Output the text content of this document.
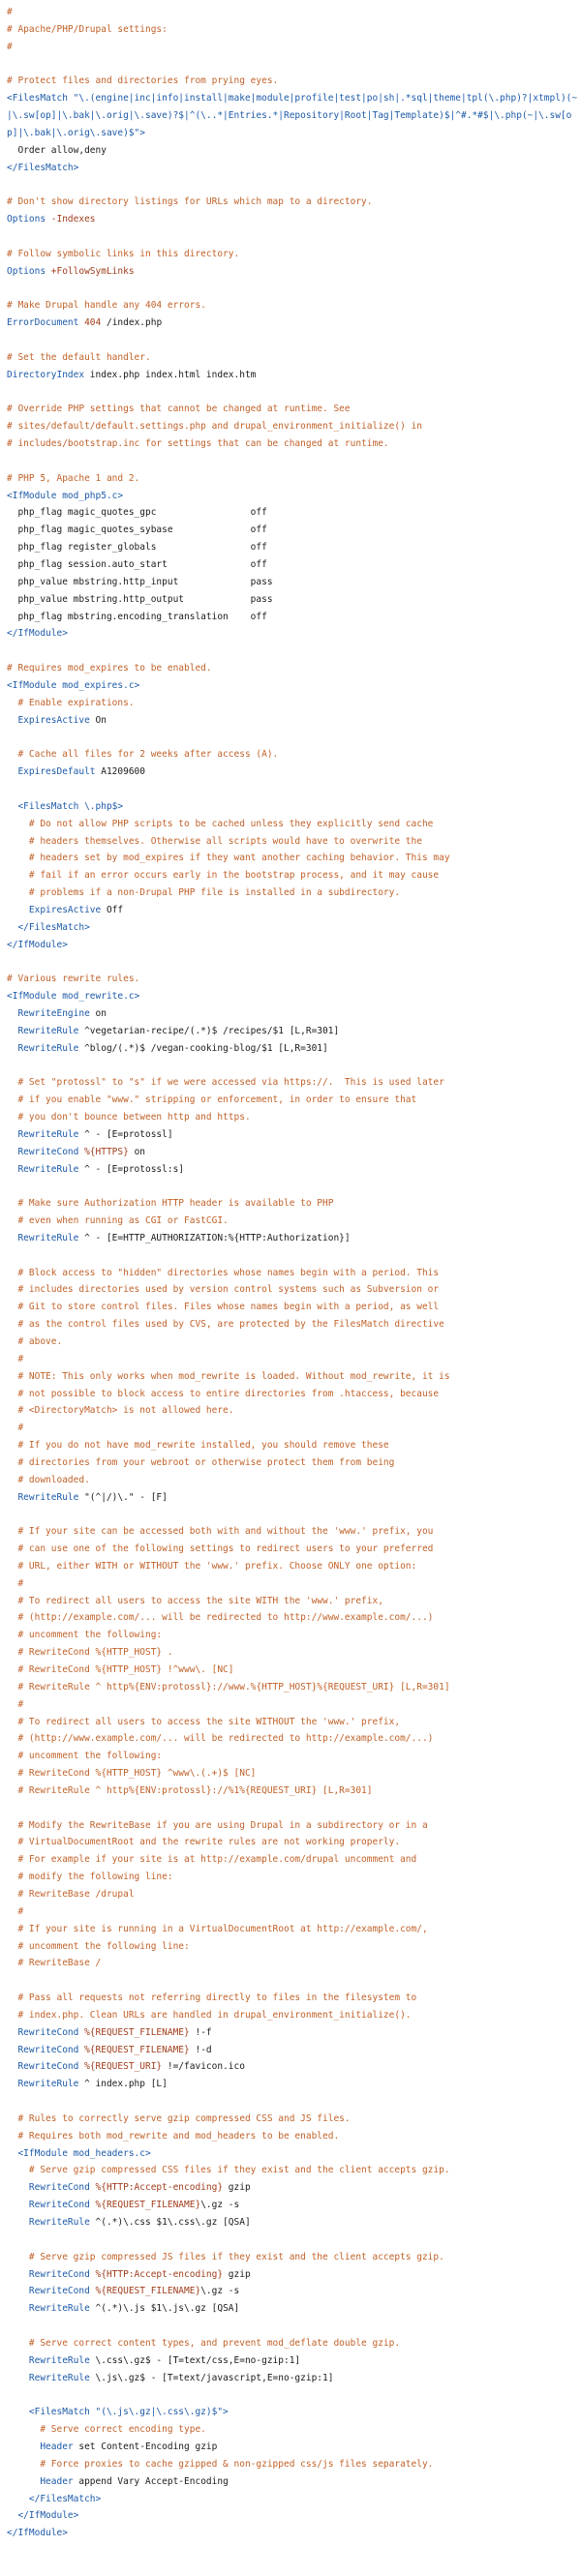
#
# Apache/PHP/Drupal settings:
#
# Protect files and directories from prying eyes.
<FilesMatch "\.(engine|inc|info|install|make|module|profile|test|po|sh|.*sql|theme|tpl(\.php)?|xtmpl)(~|\.sw[op]|\.bak|\.orig|\.save)?$|^(\..*|Entries.*|Repository|Root|Tag|Template)$|^#.*#$|\.php(~|\.sw[op]|\.bak|\.orig\.save)$">
Order allow,deny
</FilesMatch>
# Don't show directory listings for URLs which map to a directory.
Options -Indexes
# Follow symbolic links in this directory.
Options +FollowSymLinks
# Make Drupal handle any 404 errors.
ErrorDocument 404 /index.php
# Set the default handler.
DirectoryIndex index.php index.html index.htm
# Override PHP settings that cannot be changed at runtime. See
# sites/default/default.settings.php and drupal_environment_initialize() in
# includes/bootstrap.inc for settings that can be changed at runtime.
# PHP 5, Apache 1 and 2.
<IfModule mod_php5.c>
php_flag magic_quotes_gpc                 off
php_flag magic_quotes_sybase              off
php_flag register_globals                 off
php_flag session.auto_start               off
php_value mbstring.http_input             pass
php_value mbstring.http_output            pass
php_flag mbstring.encoding_translation    off
</IfModule>
# Requires mod_expires to be enabled.
<IfModule mod_expires.c>
# Enable expirations.
ExpiresActive On
# Cache all files for 2 weeks after access (A).
ExpiresDefault A1209600
<FilesMatch \.php$>
# Do not allow PHP scripts to be cached unless they explicitly send cache
# headers themselves. Otherwise all scripts would have to overwrite the
# headers set by mod_expires if they want another caching behavior. This may
# fail if an error occurs early in the bootstrap process, and it may cause
# problems if a non-Drupal PHP file is installed in a subdirectory.
ExpiresActive Off
</FilesMatch>
</IfModule>
# Various rewrite rules.
<IfModule mod_rewrite.c>
RewriteEngine on
RewriteRule ^vegetarian-recipe/(.*)$ /recipes/$1 [L,R=301]
RewriteRule ^blog/(.*)$ /vegan-cooking-blog/$1 [L,R=301]
# Set "protossl" to "s" if we were accessed via https://.  This is used later
# if you enable "www." stripping or enforcement, in order to ensure that
# you don't bounce between http and https.
RewriteRule ^ - [E=protossl]
RewriteCond %{HTTPS} on
RewriteRule ^ - [E=protossl:s]
# Make sure Authorization HTTP header is available to PHP
# even when running as CGI or FastCGI.
RewriteRule ^ - [E=HTTP_AUTHORIZATION:%{HTTP:Authorization}]
# Block access to "hidden" directories whose names begin with a period. This
# includes directories used by version control systems such as Subversion or
# Git to store control files. Files whose names begin with a period, as well
# as the control files used by CVS, are protected by the FilesMatch directive
# above.
#
# NOTE: This only works when mod_rewrite is loaded. Without mod_rewrite, it is
# not possible to block access to entire directories from .htaccess, because
# <DirectoryMatch> is not allowed here.
#
# If you do not have mod_rewrite installed, you should remove these
# directories from your webroot or otherwise protect them from being
# downloaded.
RewriteRule "(^|/)\." - [F]
# If your site can be accessed both with and without the 'www.' prefix, you
# can use one of the following settings to redirect users to your preferred
# URL, either WITH or WITHOUT the 'www.' prefix. Choose ONLY one option:
#
# To redirect all users to access the site WITH the 'www.' prefix,
# (http://example.com/... will be redirected to http://www.example.com/...)
# uncomment the following:
# RewriteCond %{HTTP_HOST} .
# RewriteCond %{HTTP_HOST} !^www\. [NC]
# RewriteRule ^ http%{ENV:protossl}://www.%{HTTP_HOST}%{REQUEST_URI} [L,R=301]
#
# To redirect all users to access the site WITHOUT the 'www.' prefix,
# (http://www.example.com/... will be redirected to http://example.com/...)
# uncomment the following:
# RewriteCond %{HTTP_HOST} ^www\.(.+)$ [NC]
# RewriteRule ^ http%{ENV:protossl}://%1%{REQUEST_URI} [L,R=301]
# Modify the RewriteBase if you are using Drupal in a subdirectory or in a
# VirtualDocumentRoot and the rewrite rules are not working properly.
# For example if your site is at http://example.com/drupal uncomment and
# modify the following line:
# RewriteBase /drupal
#
# If your site is running in a VirtualDocumentRoot at http://example.com/,
# uncomment the following line:
# RewriteBase /
# Pass all requests not referring directly to files in the filesystem to
# index.php. Clean URLs are handled in drupal_environment_initialize().
RewriteCond %{REQUEST_FILENAME} !-f
RewriteCond %{REQUEST_FILENAME} !-d
RewriteCond %{REQUEST_URI} !=/favicon.ico
RewriteRule ^ index.php [L]
# Rules to correctly serve gzip compressed CSS and JS files.
# Requires both mod_rewrite and mod_headers to be enabled.
<IfModule mod_headers.c>
# Serve gzip compressed CSS files if they exist and the client accepts gzip.
RewriteCond %{HTTP:Accept-encoding} gzip
RewriteCond %{REQUEST_FILENAME}\.gz -s
RewriteRule ^(.*)\.css $1\.css\.gz [QSA]
# Serve gzip compressed JS files if they exist and the client accepts gzip.
RewriteCond %{HTTP:Accept-encoding} gzip
RewriteCond %{REQUEST_FILENAME}\.gz -s
RewriteRule ^(.*)\.js $1\.js\.gz [QSA]
# Serve correct content types, and prevent mod_deflate double gzip.
RewriteRule \.css\.gz$ - [T=text/css,E=no-gzip:1]
RewriteRule \.js\.gz$ - [T=text/javascript,E=no-gzip:1]
<FilesMatch "(\.js\.gz|\.css\.gz)$">
# Serve correct encoding type.
Header set Content-Encoding gzip
# Force proxies to cache gzipped & non-gzipped css/js files separately.
Header append Vary Accept-Encoding
</FilesMatch>
</IfModule>
</IfModule>
